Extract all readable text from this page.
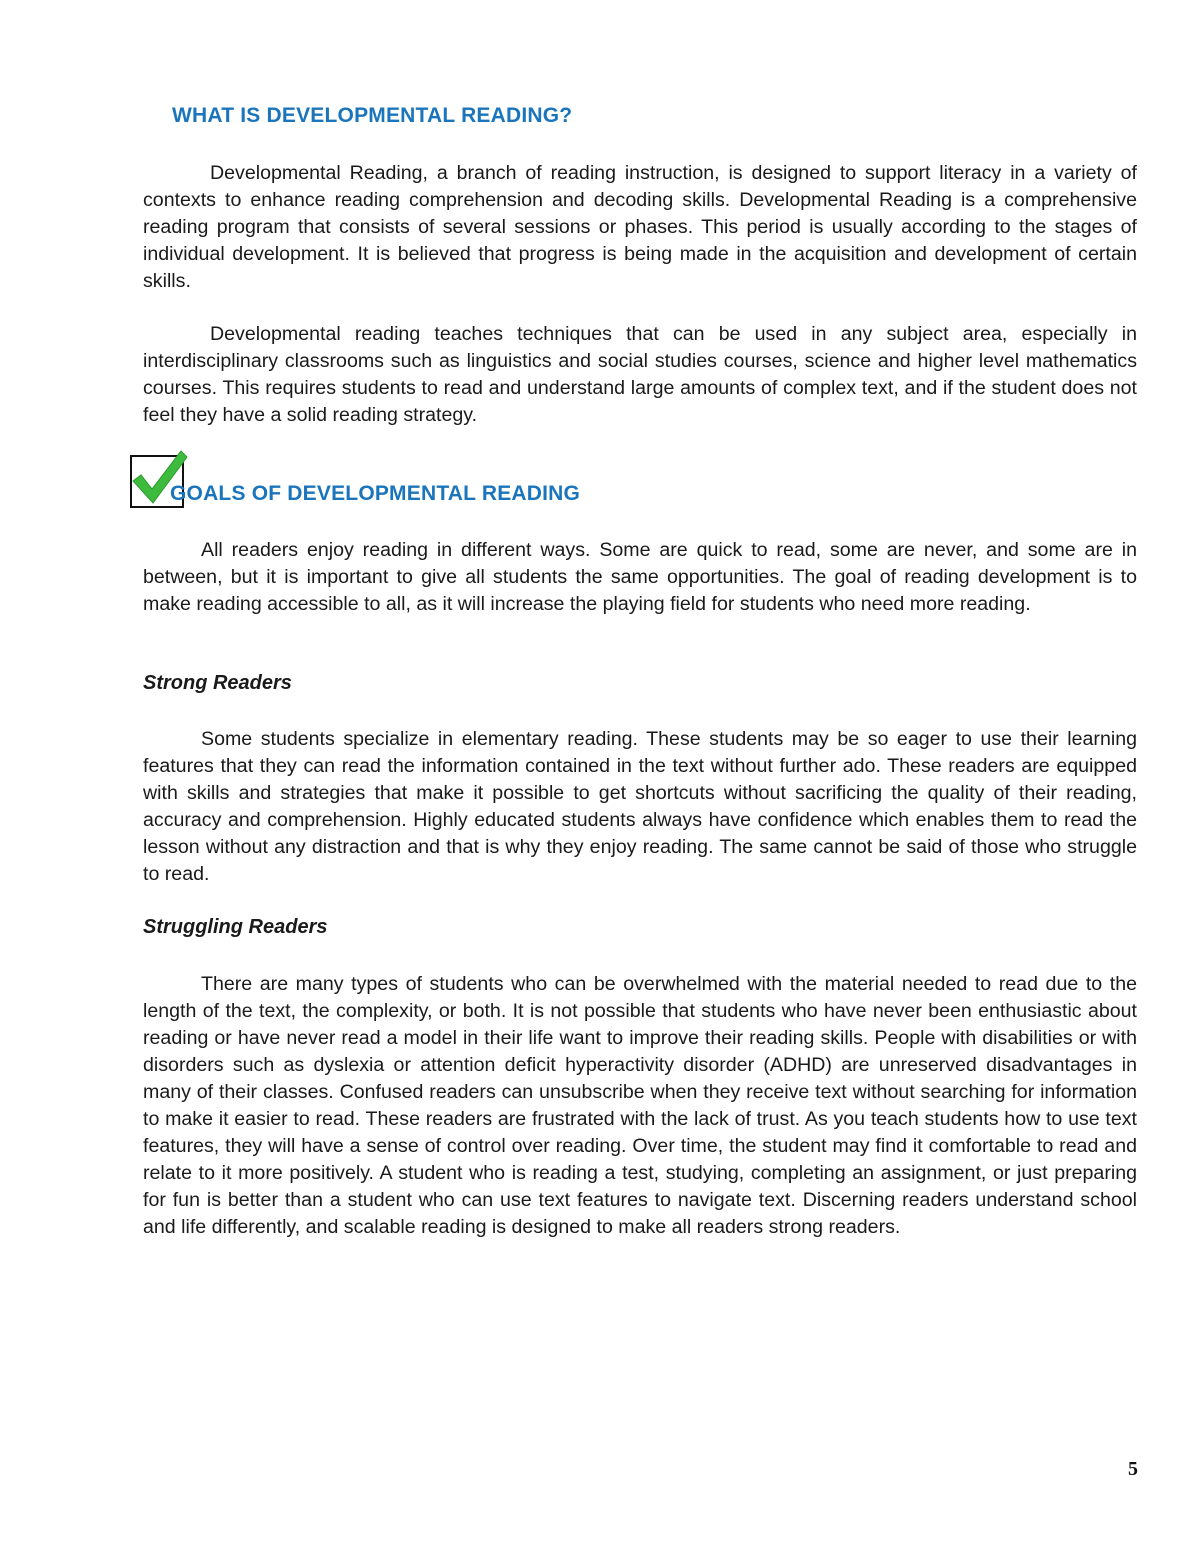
WHAT IS DEVELOPMENTAL READING?

Developmental Reading, a branch of reading instruction, is designed to support literacy in a variety of contexts to enhance reading comprehension and decoding skills. Developmental Reading is a comprehensive reading program that consists of several sessions or phases. This period is usually according to the stages of individual development. It is believed that progress is being made in the acquisition and development of certain skills.

Developmental reading teaches techniques that can be used in any subject area, especially in interdisciplinary classrooms such as linguistics and social studies courses, science and higher level mathematics courses. This requires students to read and understand large amounts of complex text, and if the student does not feel they have a solid reading strategy.

GOALS OF DEVELOPMENTAL READING

All readers enjoy reading in different ways. Some are quick to read, some are never, and some are in between, but it is important to give all students the same opportunities. The goal of reading development is to make reading accessible to all, as it will increase the playing field for students who need more reading.

Strong Readers

Some students specialize in elementary reading. These students may be so eager to use their learning features that they can read the information contained in the text without further ado. These readers are equipped with skills and strategies that make it possible to get shortcuts without sacrificing the quality of their reading, accuracy and comprehension. Highly educated students always have confidence which enables them to read the lesson without any distraction and that is why they enjoy reading. The same cannot be said of those who struggle to read.

Struggling Readers

There are many types of students who can be overwhelmed with the material needed to read due to the length of the text, the complexity, or both. It is not possible that students who have never been enthusiastic about reading or have never read a model in their life want to improve their reading skills. People with disabilities or with disorders such as dyslexia or attention deficit hyperactivity disorder (ADHD) are unreserved disadvantages in many of their classes. Confused readers can unsubscribe when they receive text without searching for information to make it easier to read. These readers are frustrated with the lack of trust. As you teach students how to use text features, they will have a sense of control over reading. Over time, the student may find it comfortable to read and relate to it more positively. A student who is reading a test, studying, completing an assignment, or just preparing for fun is better than a student who can use text features to navigate text. Discerning readers understand school and life differently, and scalable reading is designed to make all readers strong readers.

5
